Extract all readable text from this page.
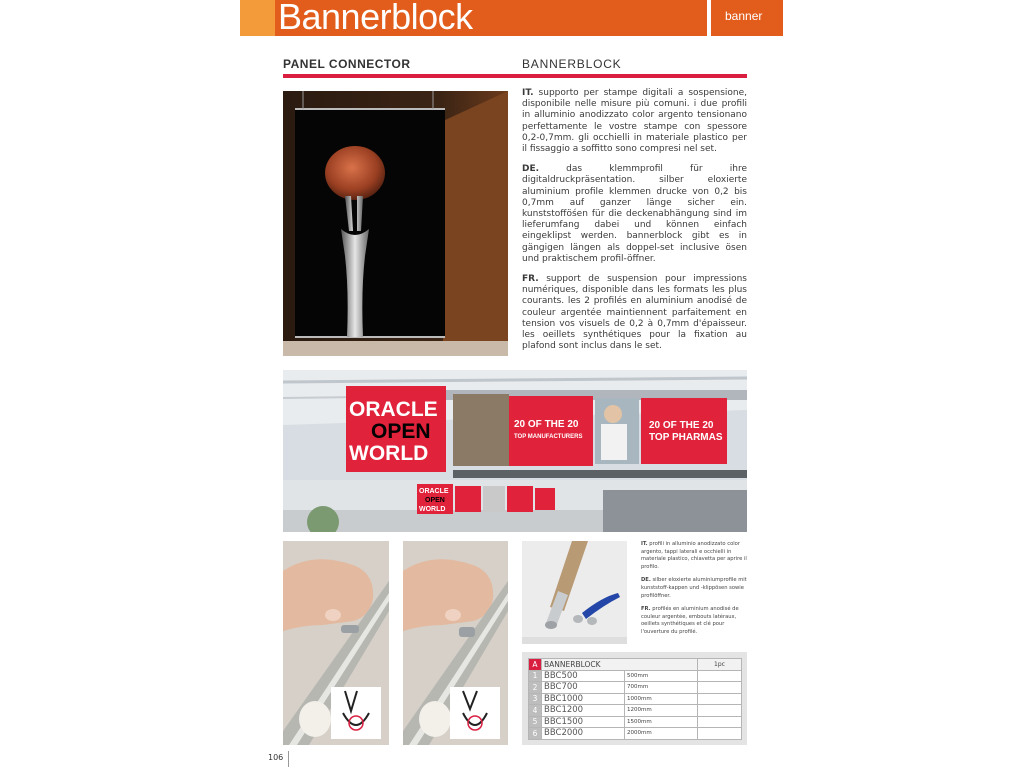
Bannerblock	banner
PANEL CONNECTOR	BANNERBLOCK

IT. supporto per stampe digitali a sospensione, disponibile nelle misure più comuni. i due profili in alluminio anodizzato color argento tensionano perfettamente le vostre stampe con spessore 0,2-0,7mm. gli occhielli in materiale plastico per il fissaggio a soffitto sono compresi nel set.

DE. das klemmprofil für ihre digitaldruckpräsentation. silber eloxierte aluminium profile klemmen drucke von 0,2 bis 0,7mm auf ganzer länge sicher ein. kunststofföśen für die deckenabhängung sind im lieferumfang dabei und können einfach eingeklipst werden. bannerblock gibt es in gängigen längen als doppel-set inclusive ösen und praktischem profil-öffner.

FR. support de suspension pour impressions numériques, disponible dans les formats les plus courants. les 2 profilés en aluminium anodisé de couleur argentée maintiennent parfaitement en tension vos visuels de 0,2 à 0,7mm d'épaisseur. les oeillets synthétiques pour la fixation au plafond sont inclus dans le set.

ORACLE
OPEN
WORLD
20 OF THE 20
TOP MANUFACTURERS
20 OF THE 20
TOP PHARMAS
ORACLE
OPEN
WORLD

IT. profili in alluminio anodizzato color argento, tappi laterali e occhielli in materiale plastico, chiavetta per aprire il profilo.

DE. silber eloxierte aluminiumprofile mit kunststoff-kappen und -klippösen sowie profilöffner.

FR. profilés en aluminium anodisé de couleur argentée, embouts latéraux, oeillets synthétiques et clé pour l'ouverture du profilé.

A	BANNERBLOCK		1pc
1	BBC500	500mm	
2	BBC700	700mm	
3	BBC1000	1000mm	
4	BBC1200	1200mm	
5	BBC1500	1500mm	
6	BBC2000	2000mm	
106
